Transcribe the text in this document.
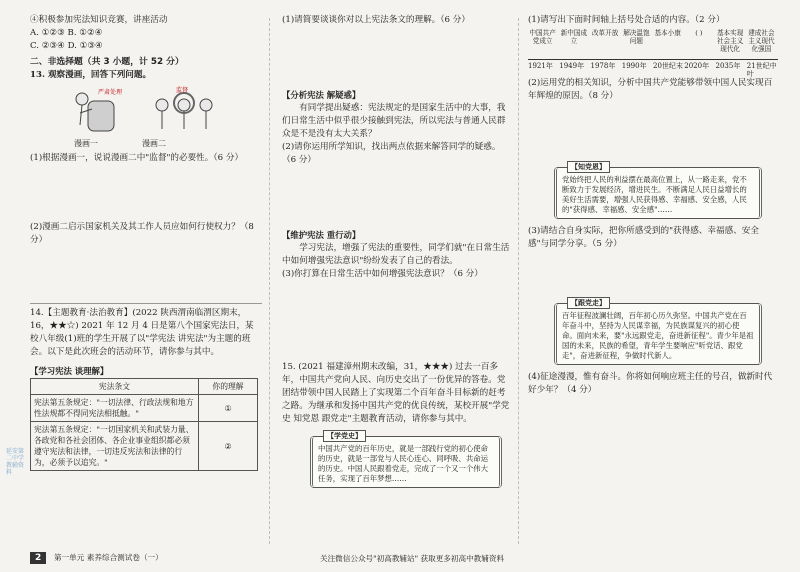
④积极参加宪法知识竞赛，讲座活动

A. ①②③ B. ①②④

C. ②③④ D. ①③④

二、非选择题（共 3 小题，计 52 分）

13. 观察漫画，回答下列问题。

严肃处理	监督
漫画一	漫画二

(1)根据漫画一，说说漫画二中"监督"的必要性。（6 分）

(2)漫画二启示国家机关及其工作人员应如何行使权力？（8 分）

14.【主题教育·法治教育】(2022 陕西渭南临渭区期末，16，★★☆) 2021 年 12 月 4 日是第八个国家宪法日，某校八年级(1)班的学生开展了以"学宪法 讲宪法"为主题的班会。以下是此次班会的活动环节，请你参与其中。

【学习宪法 谈理解】

宪法条文	你的理解
宪法第五条规定："一切法律、行政法规和地方性法规都不得同宪法相抵触。"	①
宪法第五条规定："一切国家机关和武装力量、各政党和各社会团体、各企业事业组织都必须遵守宪法和法律，一切违反宪法和法律的行为，必须予以追究。"	②

(1)请简要谈谈你对以上宪法条文的理解。（6 分）

【分析宪法 解疑惑】

有同学提出疑惑：宪法规定的是国家生活中的大事，我们日常生活中似乎很少接触到宪法，所以宪法与普通人民群众是不是没有太大关系？

(2)请你运用所学知识，找出两点依据来解答同学的疑惑。（6 分）

【维护宪法 重行动】

学习宪法，增强了宪法的重要性，同学们就"在日常生活中如何增强宪法意识"纷纷发表了自己的看法。

(3)你打算在日常生活中如何增强宪法意识？（6 分）

15. (2021 福建漳州期末改编，31，★★★) 过去一百多年，中国共产党向人民、向历史交出了一份优异的答卷。党团结带领中国人民踏上了实现第二个百年奋斗目标新的赶考之路。为继承和发扬中国共产党的优良传统，某校开展"学党史 知党恩 跟党走"主题教育活动，请你参与其中。

【学党史】

中国共产党的百年历史，就是一部践行党的初心使命的历史，就是一部党与人民心连心、同呼吸、共命运的历史。中国人民跟着党走，完成了一个又一个伟大任务，实现了百年梦想……

(1)请写出下面时间轴上括号处合适的内容。（2 分）

中国共产党成立
新中国成立
改革开放 解决温饱问题
基本小康	( )	基本实现社会主义现代化
建成社会主义现代化强国
1921年 1949年 1978年 1990年 20世纪末 2020年 2035年 21世纪中叶

(2)运用党的相关知识，分析中国共产党能够带领中国人民实现百年辉煌的原因。（8 分）

【知党恩】

党始终把人民的利益摆在最高位置上，从一路走来，党不断致力于发展经济，增进民生。不断满足人民日益增长的美好生活需要，增强人民获得感、幸福感、安全感，人民的"获得感、幸福感、安全感"……

(3)请结合自身实际，把你所感受到的"获得感、幸福感、安全感"与同学分享。（5 分）

【跟党走】

百年征程波澜壮阔，百年初心历久弥坚。中国共产党在百年奋斗中，坚持为人民谋幸福，为民族谋复兴的初心使命。面向未来，要"永远跟党走，奋进新征程"。青少年是祖国的未来，民族的希望，青年学生要响应"听党话、跟党走"，奋进新征程，争做时代新人。

(4)征途漫漫，惟有奋斗。你将如何响应班主任的号召，做新时代好少年？（4 分）

延安第二中学教辅资料
2	第一单元 素养综合测试卷（一）	关注微信公众号"初高教辅站" 获取更多初高中教辅资料
